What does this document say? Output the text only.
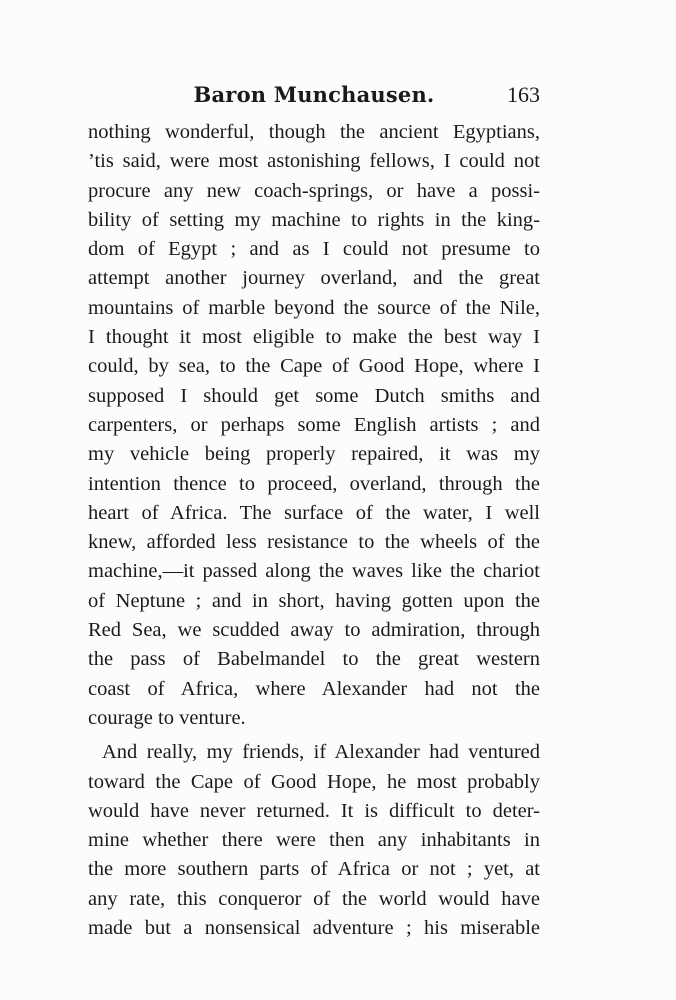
Baron Munchausen.	163
nothing wonderful, though the ancient Egyptians,
’tis said, were most astonishing fellows, I could not
procure any new coach-springs, or have a possi-
bility of setting my machine to rights in the king-
dom of Egypt ; and as I could not presume to
attempt another journey overland, and the great
mountains of marble beyond the source of the Nile,
I thought it most eligible to make the best way I
could, by sea, to the Cape of Good Hope, where I
supposed I should get some Dutch smiths and
carpenters, or perhaps some English artists ; and
my vehicle being properly repaired, it was my
intention thence to proceed, overland, through the
heart of Africa. The surface of the water, I well
knew, afforded less resistance to the wheels of the
machine,—it passed along the waves like the chariot
of Neptune ; and in short, having gotten upon the
Red Sea, we scudded away to admiration, through
the pass of Babelmandel to the great western
coast of Africa, where Alexander had not the
courage to venture.
And really, my friends, if Alexander had ventured
toward the Cape of Good Hope, he most probably
would have never returned. It is difficult to deter-
mine whether there were then any inhabitants in
the more southern parts of Africa or not ; yet, at
any rate, this conqueror of the world would have
made but a nonsensical adventure ; his miserable
